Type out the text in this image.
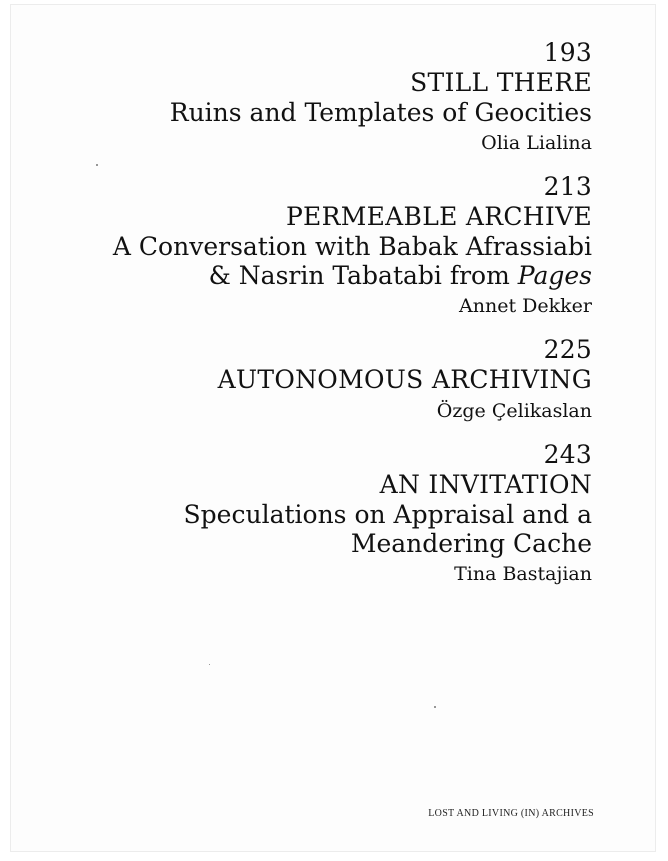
193
STILL THERE
Ruins and Templates of Geocities
Olia Lialina
213
PERMEABLE ARCHIVE
A Conversation with Babak Afrassiabi
& Nasrin Tabatabi from Pages
Annet Dekker
225
AUTONOMOUS ARCHIVING
Özge Çelikaslan
243
AN INVITATION
Speculations on Appraisal and a
Meandering Cache
Tina Bastajian
LOST AND LIVING (IN) ARCHIVES
